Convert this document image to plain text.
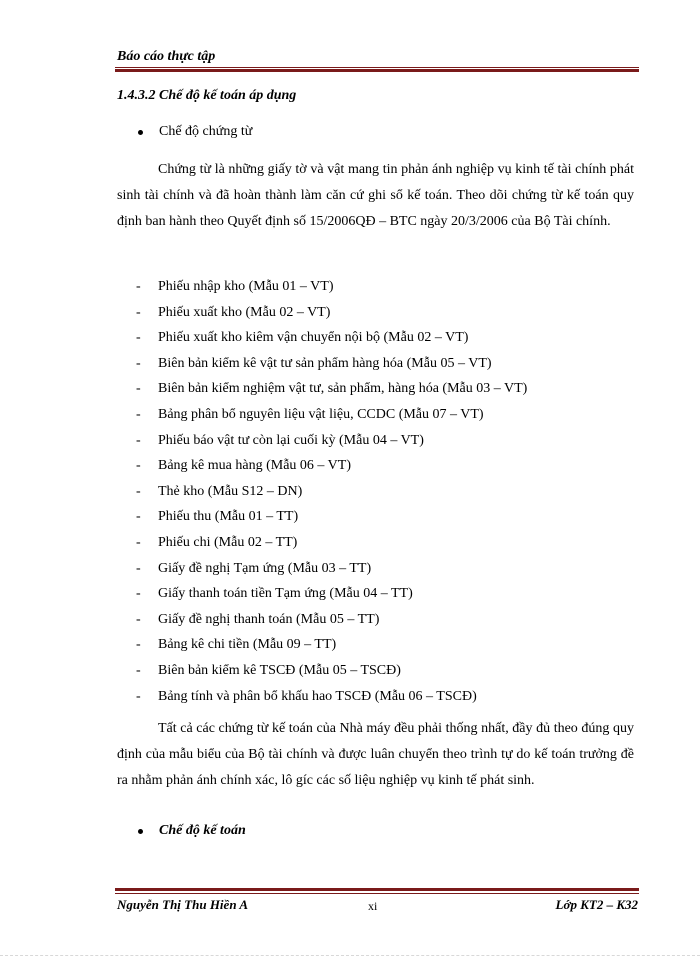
Báo cáo thực tập
1.4.3.2 Chế độ kế toán áp dụng
Chế độ chứng từ
Chứng từ là những giấy tờ và vật mang tin phản ánh nghiệp vụ kinh tế tài chính phát sinh tài chính và đã hoàn thành làm căn cứ ghi sổ kế toán. Theo dõi chứng từ kế toán quy định ban hành theo Quyết định số 15/2006QĐ – BTC ngày 20/3/2006 của Bộ Tài chính.
-	Phiếu nhập kho (Mẫu 01 – VT)
-	Phiếu xuất kho (Mẫu 02 – VT)
-	Phiếu xuất kho kiêm vận chuyển nội bộ (Mẫu 02 – VT)
-	Biên bản kiểm kê vật tư sản phẩm hàng hóa (Mẫu 05 – VT)
-	Biên bản kiểm nghiệm vật tư, sản phẩm, hàng hóa (Mẫu 03 – VT)
-	Bảng phân bổ nguyên liệu vật liệu, CCDC (Mẫu 07 – VT)
-	Phiếu báo vật tư còn lại cuối kỳ (Mẫu 04 – VT)
-	Bảng kê mua hàng (Mẫu 06 – VT)
-	Thẻ kho (Mẫu S12 – DN)
-	Phiếu thu (Mẫu 01 – TT)
-	Phiếu chi (Mẫu 02 – TT)
-	Giấy đề nghị Tạm ứng (Mẫu 03 – TT)
-	Giấy thanh toán tiền Tạm ứng (Mẫu 04 – TT)
-	Giấy đề nghị thanh toán (Mẫu 05 – TT)
-	Bảng kê chi tiền (Mẫu 09 – TT)
-	Biên bản kiểm kê TSCĐ (Mẫu 05 – TSCĐ)
-	Bảng tính và phân bổ khấu hao TSCĐ (Mẫu 06 – TSCĐ)
Tất cả các chứng từ kế toán của Nhà máy đều phải thống nhất, đầy đủ theo đúng quy định của mẫu biểu của Bộ tài chính và được luân chuyển theo trình tự do kế toán trưởng đề ra nhằm phản ánh chính xác, lô gíc các số liệu nghiệp vụ kinh tế phát sinh.
Chế độ kế toán
Nguyễn Thị Thu Hiền A	xi	Lớp KT2 – K32
